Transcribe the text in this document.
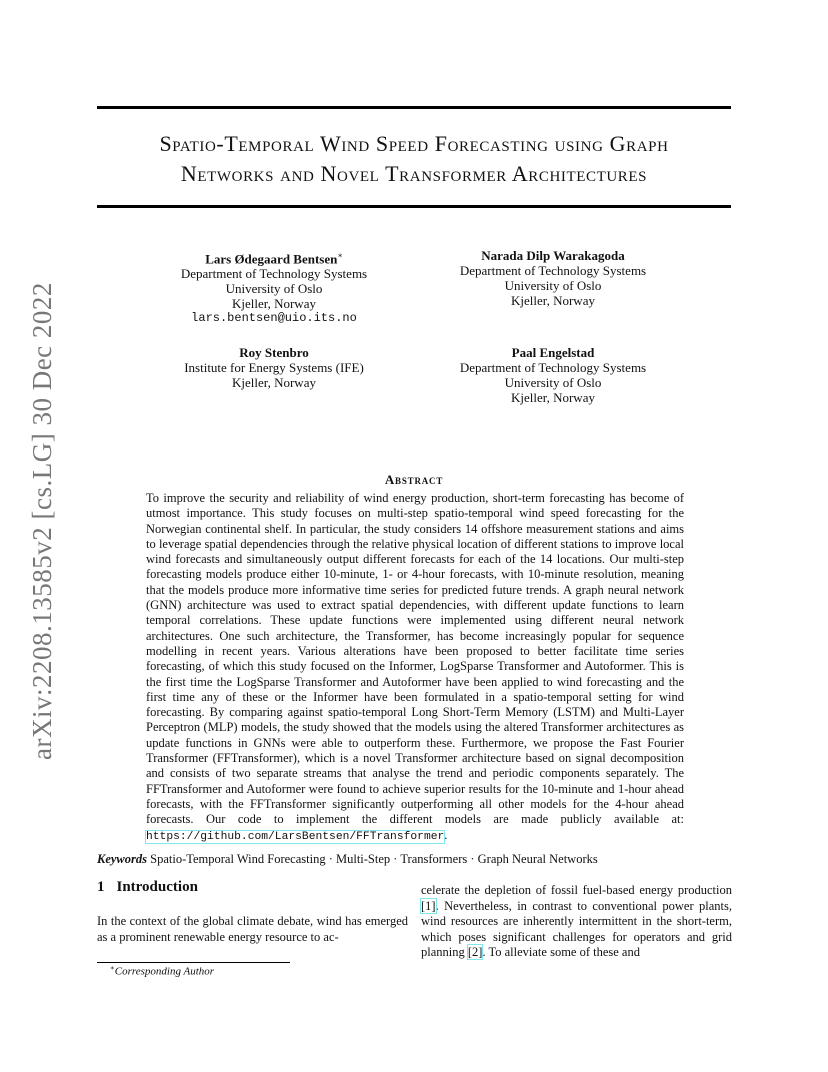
Spatio-Temporal Wind Speed Forecasting using Graph
Networks and Novel Transformer Architectures
arXiv:2208.13585v2 [cs.LG] 30 Dec 2022
Lars Ødegaard Bentsen∗
Department of Technology Systems
University of Oslo
Kjeller, Norway
lars.bentsen@uio.its.no
Narada Dilp Warakagoda
Department of Technology Systems
University of Oslo
Kjeller, Norway
Roy Stenbro
Institute for Energy Systems (IFE)
Kjeller, Norway
Paal Engelstad
Department of Technology Systems
University of Oslo
Kjeller, Norway
Abstract
To improve the security and reliability of wind energy production, short-term forecasting has become of utmost importance. This study focuses on multi-step spatio-temporal wind speed forecasting for the Norwegian continental shelf. In particular, the study considers 14 offshore measurement stations and aims to leverage spatial dependencies through the relative physical location of different stations to improve local wind forecasts and simultaneously output different forecasts for each of the 14 locations. Our multi-step forecasting models produce either 10-minute, 1- or 4-hour forecasts, with 10-minute resolution, meaning that the models produce more informative time series for predicted future trends. A graph neural network (GNN) architecture was used to extract spatial dependencies, with different update functions to learn temporal correlations. These update functions were implemented using different neural network architectures. One such architecture, the Transformer, has become increasingly popular for sequence modelling in recent years. Various alterations have been proposed to better facilitate time series forecasting, of which this study focused on the Informer, LogSparse Transformer and Autoformer. This is the first time the LogSparse Transformer and Autoformer have been applied to wind forecasting and the first time any of these or the Informer have been formulated in a spatio-temporal setting for wind forecasting. By comparing against spatio-temporal Long Short-Term Memory (LSTM) and Multi-Layer Perceptron (MLP) models, the study showed that the models using the altered Transformer architectures as update functions in GNNs were able to outperform these. Furthermore, we propose the Fast Fourier Transformer (FFTransformer), which is a novel Transformer architecture based on signal decomposition and consists of two separate streams that analyse the trend and periodic components separately. The FFTransformer and Autoformer were found to achieve superior results for the 10-minute and 1-hour ahead forecasts, with the FFTransformer significantly outperforming all other models for the 4-hour ahead forecasts. Our code to implement the different models are made publicly available at: https://github.com/LarsBentsen/FFTransformer.
Keywords Spatio-Temporal Wind Forecasting · Multi-Step · Transformers · Graph Neural Networks
1 Introduction
In the context of the global climate debate, wind has emerged as a prominent renewable energy resource to ac-
celerate the depletion of fossil fuel-based energy production [1]. Nevertheless, in contrast to conventional power plants, wind resources are inherently intermittent in the short-term, which poses significant challenges for operators and grid planning [2]. To alleviate some of these and
∗Corresponding Author
